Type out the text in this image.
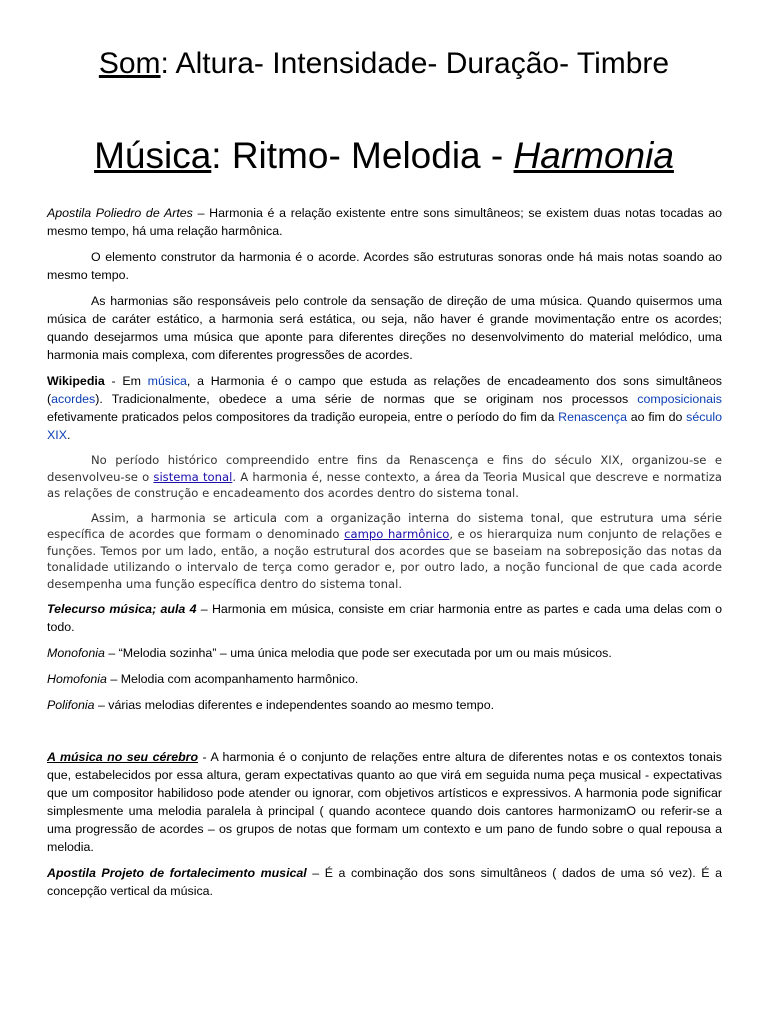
Som: Altura- Intensidade- Duração- Timbre
Música: Ritmo- Melodia - Harmonia

Apostila Poliedro de Artes – Harmonia é a relação existente entre sons simultâneos; se existem duas notas tocadas ao mesmo tempo, há uma relação harmônica.

O elemento construtor da harmonia é o acorde. Acordes são estruturas sonoras onde há mais notas soando ao mesmo tempo.

As harmonias são responsáveis pelo controle da sensação de direção de uma música. Quando quisermos uma música de caráter estático, a harmonia será estática, ou seja, não haver é grande movimentação entre os acordes; quando desejarmos uma música que aponte para diferentes direções no desenvolvimento do material melódico, uma harmonia mais complexa, com diferentes progressões de acordes.

Wikipedia - Em música, a Harmonia é o campo que estuda as relações de encadeamento dos sons simultâneos (acordes). Tradicionalmente, obedece a uma série de normas que se originam nos processos composicionais efetivamente praticados pelos compositores da tradição europeia, entre o período do fim da Renascença ao fim do século XIX.

No período histórico compreendido entre fins da Renascença e fins do século XIX, organizou-se e desenvolveu-se o sistema tonal. A harmonia é, nesse contexto, a área da Teoria Musical que descreve e normatiza as relações de construção e encadeamento dos acordes dentro do sistema tonal.

Assim, a harmonia se articula com a organização interna do sistema tonal, que estrutura uma série específica de acordes que formam o denominado campo harmônico, e os hierarquiza num conjunto de relações e funções. Temos por um lado, então, a noção estrutural dos acordes que se baseiam na sobreposição das notas da tonalidade utilizando o intervalo de terça como gerador e, por outro lado, a noção funcional de que cada acorde desempenha uma função específica dentro do sistema tonal.

Telecurso música; aula 4 – Harmonia em música, consiste em criar harmonia entre as partes e cada uma delas com o todo.

Monofonia – “Melodia sozinha” – uma única melodia que pode ser executada por um ou mais músicos.

Homofonia – Melodia com acompanhamento harmônico.

Polifonia – várias melodias diferentes e independentes soando ao mesmo tempo.

A música no seu cérebro - A harmonia é o conjunto de relações entre altura de diferentes notas e os contextos tonais que, estabelecidos por essa altura, geram expectativas quanto ao que virá em seguida numa peça musical - expectativas que um compositor habilidoso pode atender ou ignorar, com objetivos artísticos e expressivos. A harmonia pode significar simplesmente uma melodia paralela à principal ( quando acontece quando dois cantores harmonizamO ou referir-se a uma progressão de acordes – os grupos de notas que formam um contexto e um pano de fundo sobre o qual repousa a melodia.

Apostila Projeto de fortalecimento musical – É a combinação dos sons simultâneos ( dados de uma só vez). É a concepção vertical da música.
